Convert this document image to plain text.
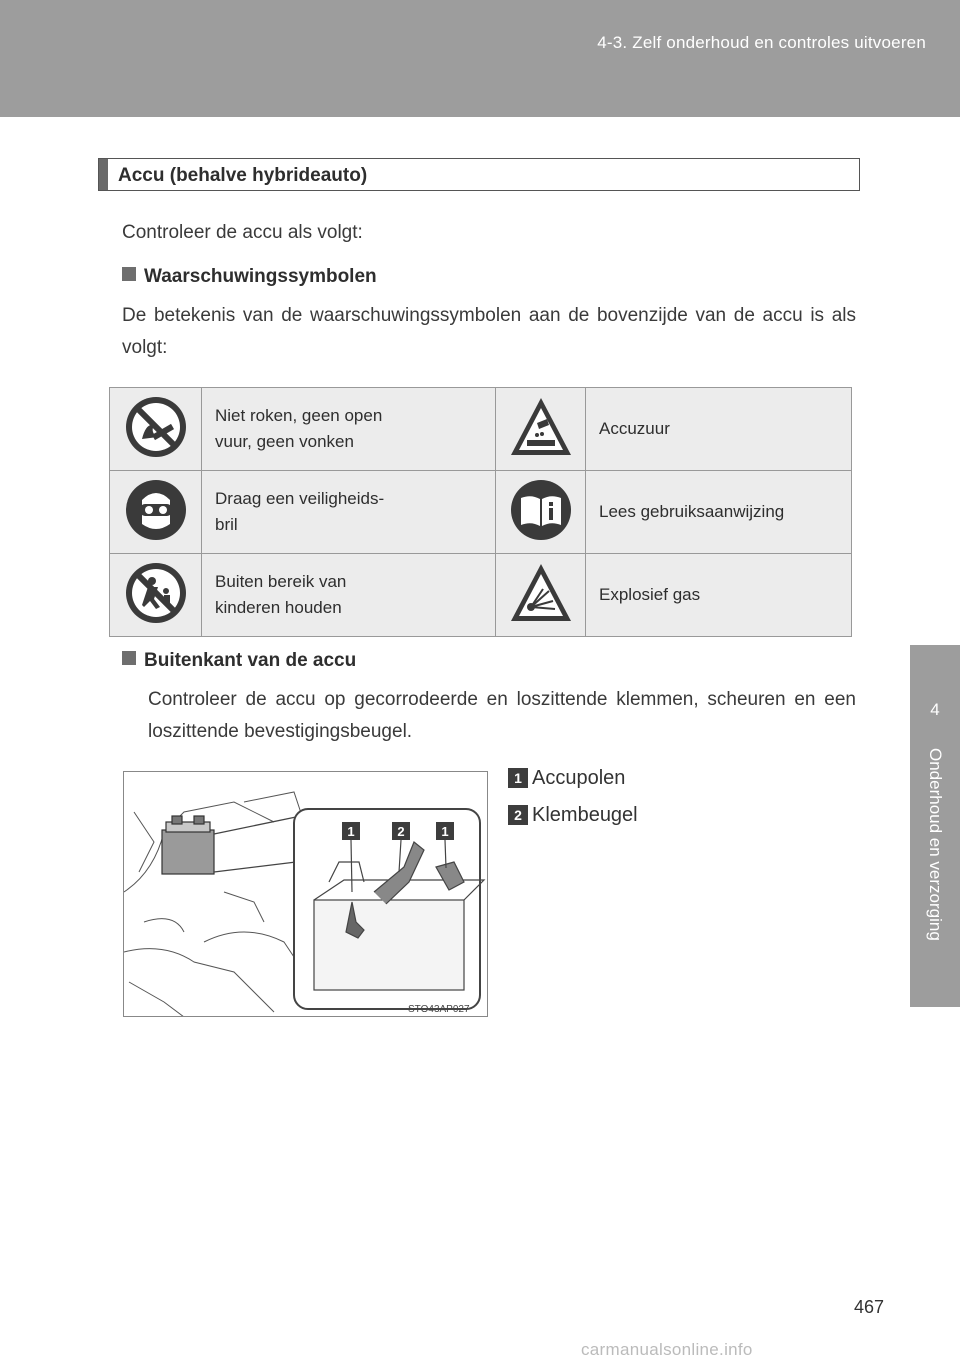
4-3. Zelf onderhoud en controles uitvoeren
4
Onderhoud en verzorging
Accu (behalve hybrideauto)
Controleer de accu als volgt:
Waarschuwingssymbolen
De betekenis van de waarschuwingssymbolen aan de bovenzijde van de accu is als volgt:
	Niet roken, geen open
vuur, geen vonken		Accuzuur
	Draag een veiligheids-
bril		Lees gebruiksaanwijzing
	Buiten bereik van
kinderen houden		Explosief gas
Buitenkant van de accu
Controleer de accu op gecorrodeerde en loszittende klemmen, scheuren en een loszittende bevestigingsbeugel.
1	2	1
STO43AP027
1 Accupolen
2 Klembeugel
467
carmanualsonline.info
